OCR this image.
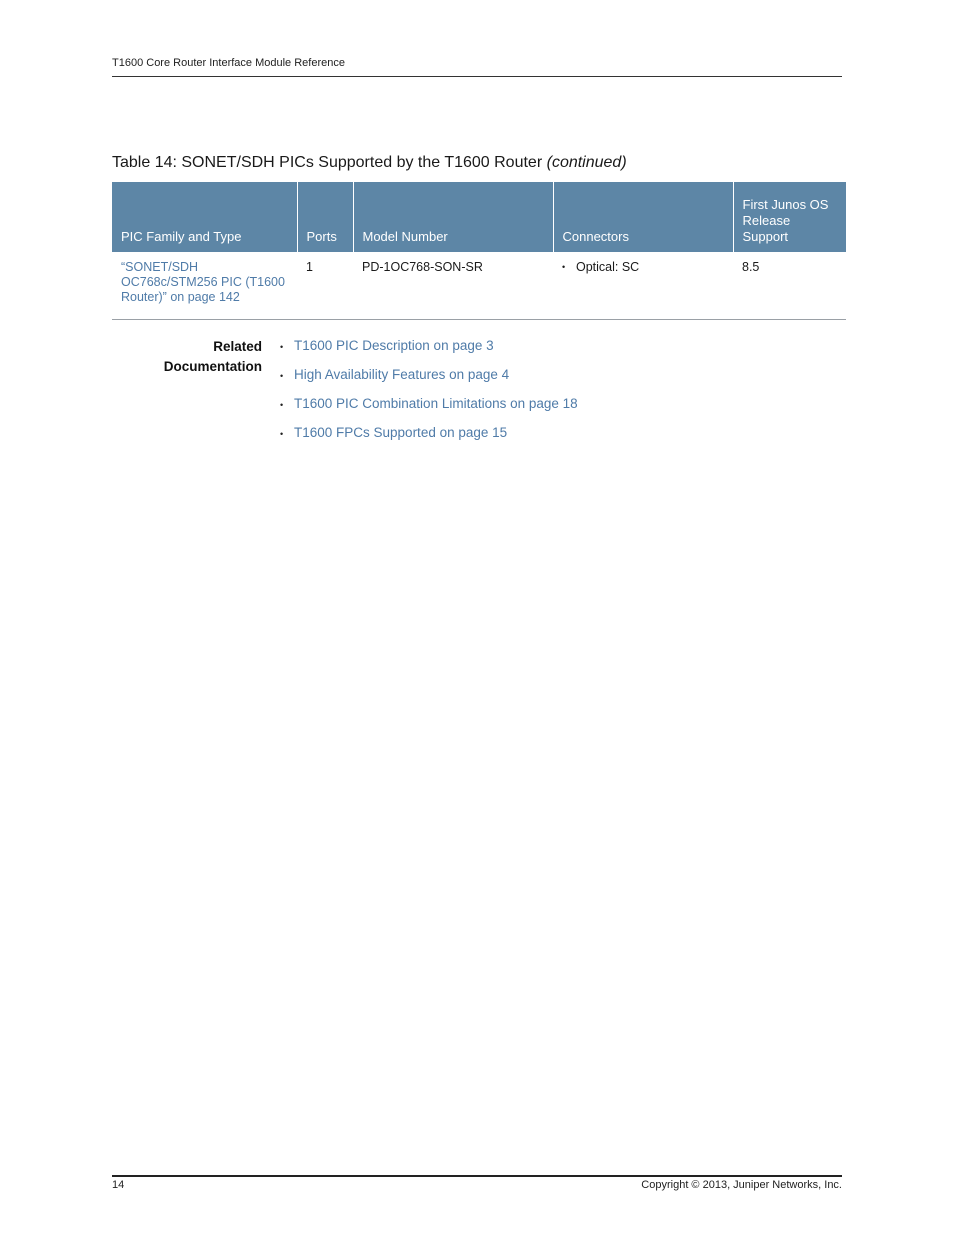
T1600 Core Router Interface Module Reference
Table 14: SONET/SDH PICs Supported by the T1600 Router (continued)
PIC Family and Type	Ports	Model Number	Connectors	First Junos OS Release Support
“SONET/SDH OC768c/STM256 PIC (T1600 Router)” on page 142	1	PD-1OC768-SON-SR	• Optical: SC	8.5
Related
Documentation
• T1600 PIC Description on page 3
• High Availability Features on page 4
• T1600 PIC Combination Limitations on page 18
• T1600 FPCs Supported on page 15
14	Copyright © 2013, Juniper Networks, Inc.
